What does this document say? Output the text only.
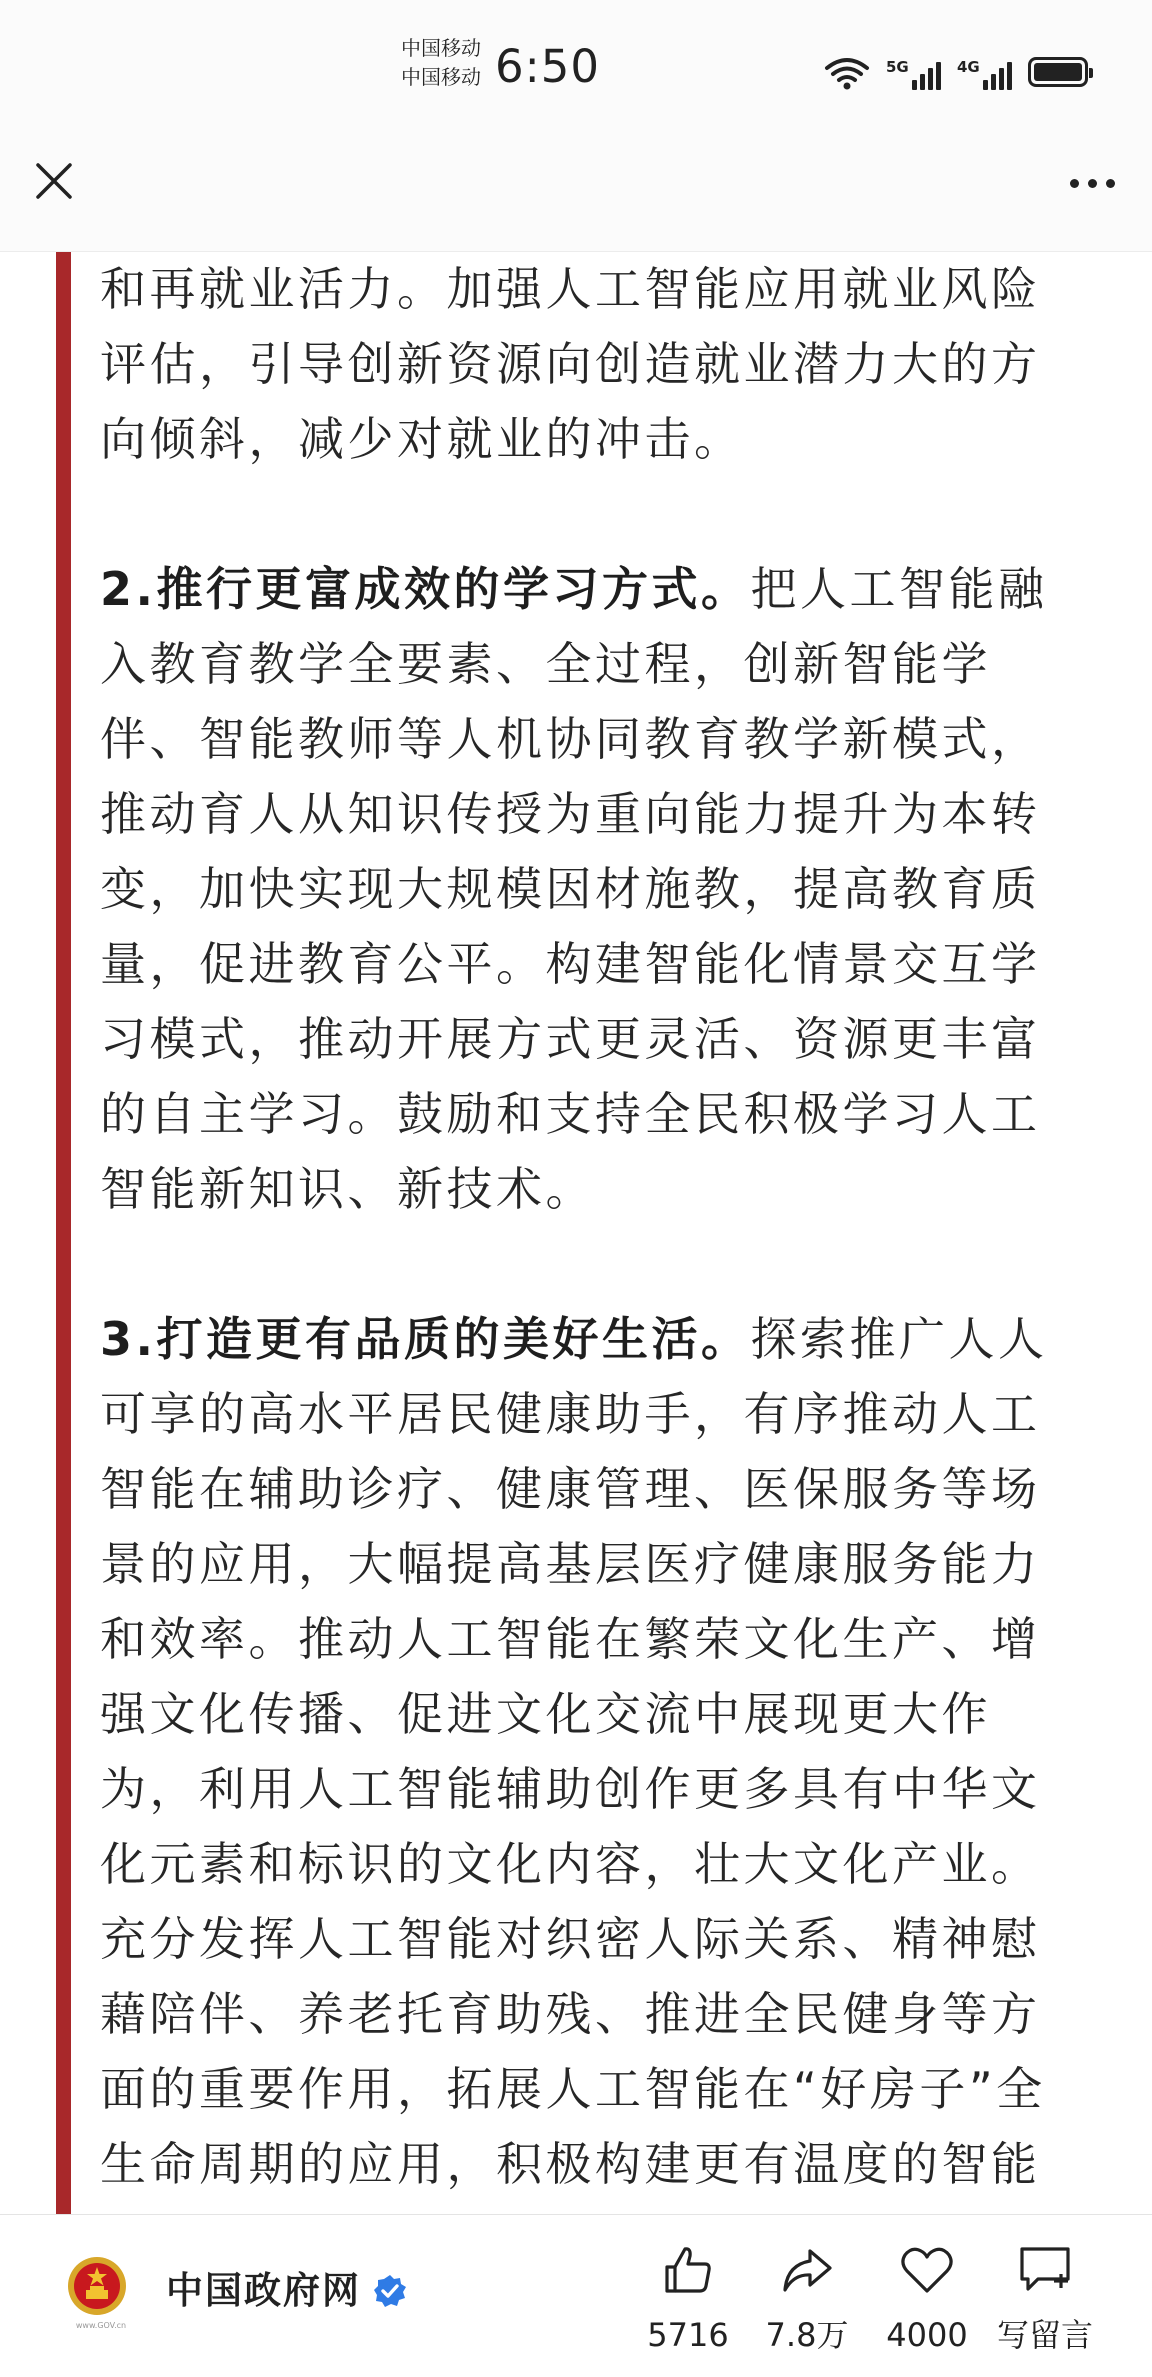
中国移动
中国移动 6:50	5G	4G

和再就业活力。加强人工智能应用就业风险评估，引导创新资源向创造就业潜力大的方向倾斜，减少对就业的冲击。

2.推行更富成效的学习方式。把人工智能融入教育教学全要素、全过程，创新智能学伴、智能教师等人机协同教育教学新模式，推动育人从知识传授为重向能力提升为本转变，加快实现大规模因材施教，提高教育质量，促进教育公平。构建智能化情景交互学习模式，推动开展方式更灵活、资源更丰富的自主学习。鼓励和支持全民积极学习人工智能新知识、新技术。

3.打造更有品质的美好生活。探索推广人人可享的高水平居民健康助手，有序推动人工智能在辅助诊疗、健康管理、医保服务等场景的应用，大幅提高基层医疗健康服务能力和效率。推动人工智能在繁荣文化生产、增强文化传播、促进文化交流中展现更大作为，利用人工智能辅助创作更多具有中华文化元素和标识的文化内容，壮大文化产业。充分发挥人工智能对织密人际关系、精神慰藉陪伴、养老托育助残、推进全民健身等方面的重要作用，拓展人工智能在“好房子”全生命周期的应用，积极构建更有温度的智能

www.GOV.cn
中国政府网
5716	7.8万	4000 写留言
